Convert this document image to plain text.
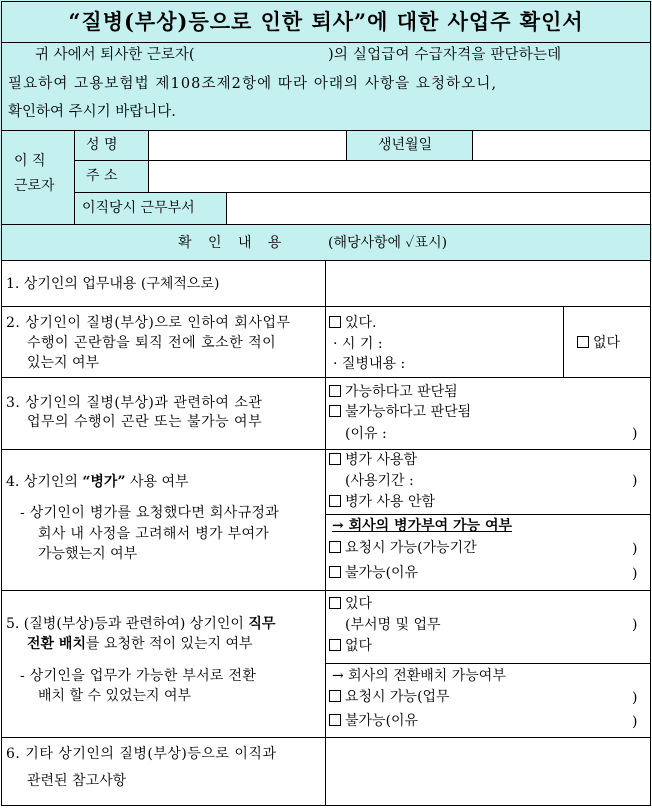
“질병(부상)등으로 인한 퇴사”에 대한 사업주 확인서
귀 사에서 퇴사한 근로자(	)의 실업급여 수급자격을 판단하는데
필요하여 고용보험법 제108조제2항에 따라 아래의 사항을 요청하오니,
확인하여 주시기 바랍니다.
이 직
근로자
성 명	생년월일
주 소
이직당시 근무부서
확 인 내 용	(해당사항에 ✓표시)
1. 상기인의 업무내용 (구체적으로)
2. 상기인이 질병(부상)으로 인하여 회사업무
수행이 곤란함을 퇴직 전에 호소한 적이
있는지 여부
있다.
· 시 기 :
· 질병내용 :
없다
3. 상기인의 질병(부상)과 관련하여 소관
업무의 수행이 곤란 또는 불가능 여부
가능하다고 판단됨
불가능하다고 판단됨
(이유 :	)
4. 상기인의 “병가” 사용 여부
- 상기인이 병가를 요청했다면 회사규정과
회사 내 사정을 고려해서 병가 부여가
가능했는지 여부
병가 사용함
(사용기간 :	)
병가 사용 안함
→ 회사의 병가부여 가능 여부
요청시 가능(가능기간	)
불가능(이유	)
5. (질병(부상)등과 관련하여) 상기인이 직무
전환 배치를 요청한 적이 있는지 여부
- 상기인을 업무가 가능한 부서로 전환
배치 할 수 있었는지 여부
있다
(부서명 및 업무	)
없다
→ 회사의 전환배치 가능여부
요청시 가능(업무	)
불가능(이유	)
6. 기타 상기인의 질병(부상)등으로 이직과
관련된 참고사항
